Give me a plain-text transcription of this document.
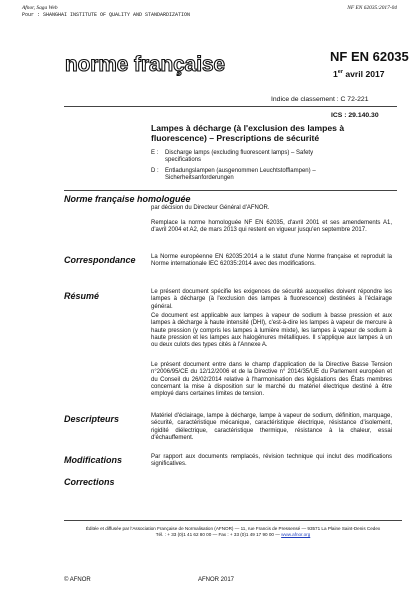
Afnor, Saga Web
Pour : SHANGHAI INSTITUTE OF QUALITY AND STANDARDIZATION
NF EN 62035:2017-04
norme française	NF EN 62035
1er avril 2017
Indice de classement : C 72-221
ICS : 29.140.30
Lampes à décharge (à l'exclusion des lampes à fluorescence) – Prescriptions de sécurité
E : Discharge lamps (excluding fluorescent lamps) – Safety specifications
D : Entladungslampen (ausgenommen Leuchtstofflampen) – Sicherheitsanforderungen
Norme française homologuée
par décision du Directeur Général d'AFNOR.
Remplace la norme homologuée NF EN 62035, d'avril 2001 et ses amendements A1, d'avril 2004 et A2, de mars 2013 qui restent en vigueur jusqu'en septembre 2017.
Correspondance	La Norme européenne EN 62035:2014 a le statut d'une Norme française et reproduit la Norme internationale IEC 62035:2014 avec des modifications.
Résumé	Le présent document spécifie les exigences de sécurité auxquelles doivent répondre les lampes à décharge (à l'exclusion des lampes à fluorescence) destinées à l'éclairage général.
Ce document est applicable aux lampes à vapeur de sodium à basse pression et aux lampes à décharge à haute intensité (DHI), c'est-à-dire les lampes à vapeur de mercure à haute pression (y compris les lampes à lumière mixte), les lampes à vapeur de sodium à haute pression et les lampes aux halogénures métalliques. Il s'applique aux lampes à un ou deux culots des types cités à l'Annexe A.
Le présent document entre dans le champ d'application de la Directive Basse Tension n°2006/95/CE du 12/12/2006 et de la Directive n° 2014/35/UE du Parlement européen et du Conseil du 26/02/2014 relative à l'harmonisation des législations des États membres concernant la mise à disposition sur le marché du matériel électrique destiné à être employé dans certaines limites de tension.
Descripteurs	Matériel d'éclairage, lampe à décharge, lampe à vapeur de sodium, définition, marquage, sécurité, caractéristique mécanique, caractéristique électrique, résistance d'isolement, rigidité diélectrique, caractéristique thermique, résistance à la chaleur, essai d'échauffement.
Modifications	Par rapport aux documents remplacés, révision technique qui inclut des modifications significatives.
Corrections
Éditée et diffusée par l'Association Française de Normalisation (AFNOR) — 11, rue Francis de Pressensé — 93571 La Plaine Saint-Denis Cedex
Tél. : + 33 (0)1 41 62 80 00 — Fax : + 33 (0)1 49 17 90 00 — www.afnor.org
© AFNOR	AFNOR 2017
